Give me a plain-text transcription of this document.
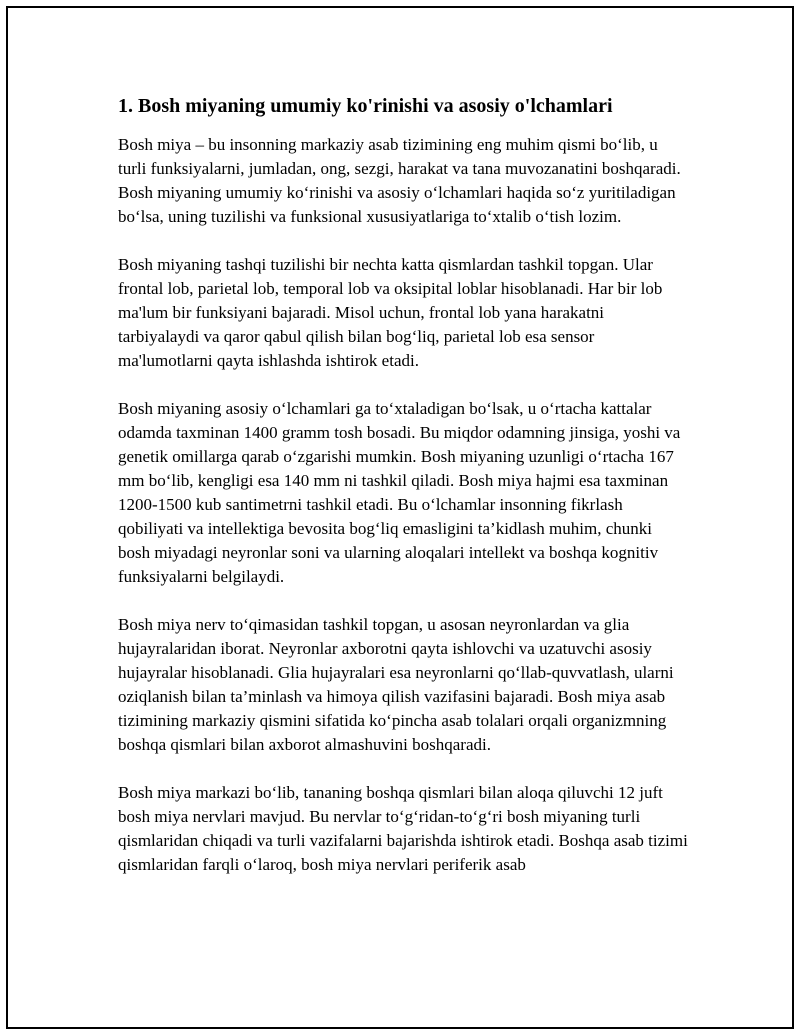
1. Bosh miyaning umumiy ko'rinishi va asosiy o'lchamlari

Bosh miya – bu insonning markaziy asab tizimining eng muhim qismi bo‘lib, u turli funksiyalarni, jumladan, ong, sezgi, harakat va tana muvozanatini boshqaradi. Bosh miyaning umumiy ko‘rinishi va asosiy o‘lchamlari haqida so‘z yuritiladigan bo‘lsa, uning tuzilishi va funksional xususiyatlariga to‘xtalib o‘tish lozim.

Bosh miyaning tashqi tuzilishi bir nechta katta qismlardan tashkil topgan. Ular frontal lob, parietal lob, temporal lob va oksipital loblar hisoblanadi. Har bir lob ma'lum bir funksiyani bajaradi. Misol uchun, frontal lob yana harakatni tarbiyalaydi va qaror qabul qilish bilan bog‘liq, parietal lob esa sensor ma'lumotlarni qayta ishlashda ishtirok etadi.

Bosh miyaning asosiy o‘lchamlari ga to‘xtaladigan bo‘lsak, u o‘rtacha kattalar odamda taxminan 1400 gramm tosh bosadi. Bu miqdor odamning jinsiga, yoshi va genetik omillarga qarab o‘zgarishi mumkin. Bosh miyaning uzunligi o‘rtacha 167 mm bo‘lib, kengligi esa 140 mm ni tashkil qiladi. Bosh miya hajmi esa taxminan 1200-1500 kub santimetrni tashkil etadi. Bu o‘lchamlar insonning fikrlash qobiliyati va intellektiga bevosita bog‘liq emasligini ta’kidlash muhim, chunki bosh miyadagi neyronlar soni va ularning aloqalari intellekt va boshqa kognitiv funksiyalarni belgilaydi.

Bosh miya nerv to‘qimasidan tashkil topgan, u asosan neyronlardan va glia hujayralaridan iborat. Neyronlar axborotni qayta ishlovchi va uzatuvchi asosiy hujayralar hisoblanadi. Glia hujayralari esa neyronlarni qo‘llab-quvvatlash, ularni oziqlanish bilan ta’minlash va himoya qilish vazifasini bajaradi. Bosh miya asab tizimining markaziy qismini sifatida ko‘pincha asab tolalari orqali organizmning boshqa qismlari bilan axborot almashuvini boshqaradi.

Bosh miya markazi bo‘lib, tananing boshqa qismlari bilan aloqa qiluvchi 12 juft bosh miya nervlari mavjud. Bu nervlar to‘g‘ridan-to‘g‘ri bosh miyaning turli qismlaridan chiqadi va turli vazifalarni bajarishda ishtirok etadi. Boshqa asab tizimi qismlaridan farqli o‘laroq, bosh miya nervlari periferik asab
